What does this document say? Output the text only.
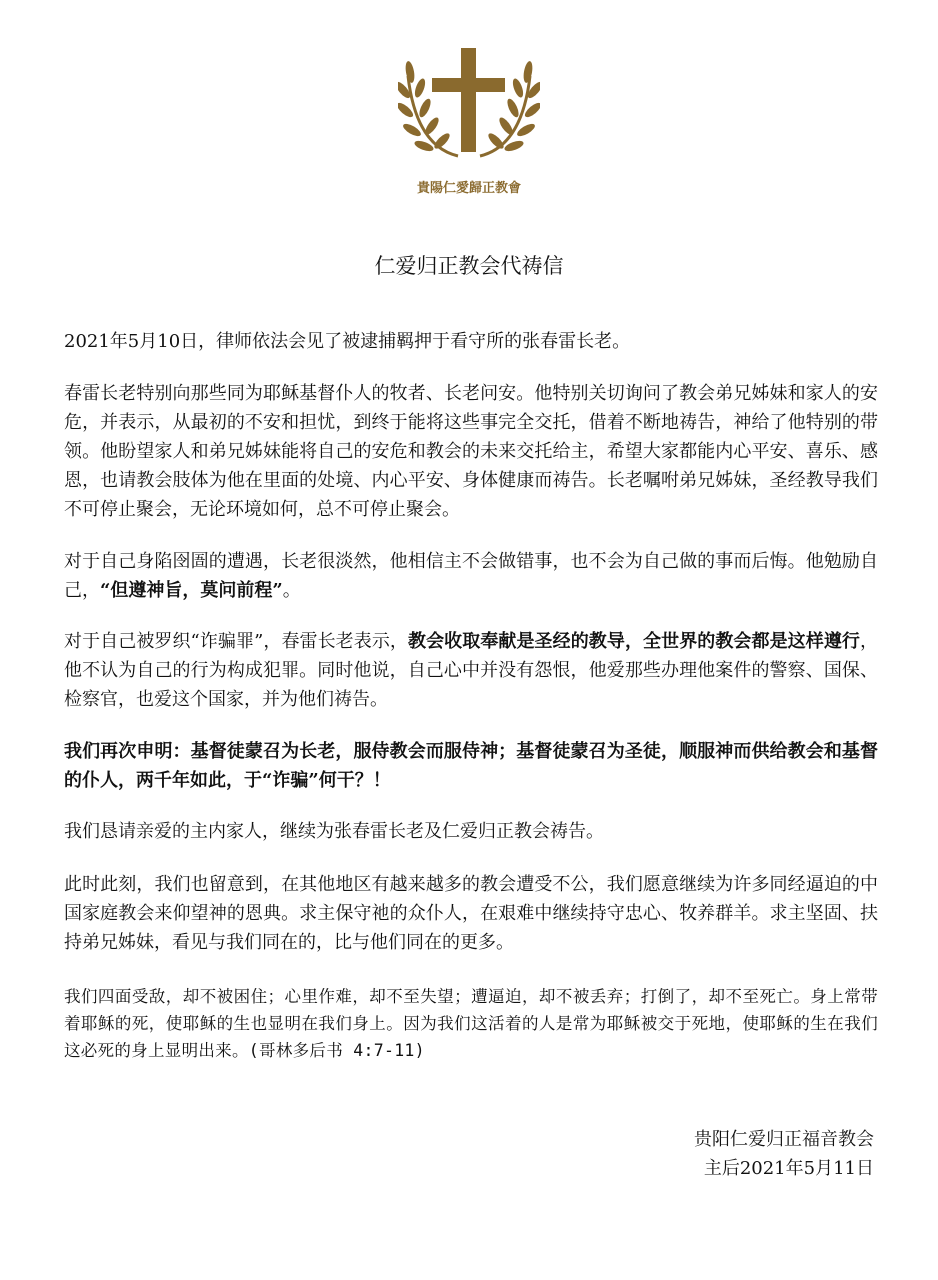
貴陽仁愛歸正教會
仁爱归正教会代祷信

2021年5月10日，律师依法会见了被逮捕羁押于看守所的张春雷长老。

春雷长老特别向那些同为耶稣基督仆人的牧者、长老问安。他特别关切询问了教会弟兄姊妹和家人的安危，并表示，从最初的不安和担忧，到终于能将这些事完全交托，借着不断地祷告，神给了他特别的带领。他盼望家人和弟兄姊妹能将自己的安危和教会的未来交托给主，希望大家都能内心平安、喜乐、感恩，也请教会肢体为他在里面的处境、内心平安、身体健康而祷告。长老嘱咐弟兄姊妹，圣经教导我们不可停止聚会，无论环境如何，总不可停止聚会。

对于自己身陷囹圄的遭遇，长老很淡然，他相信主不会做错事，也不会为自己做的事而后悔。他勉励自己，“但遵神旨，莫问前程”。

对于自己被罗织“诈骗罪”，春雷长老表示，教会收取奉献是圣经的教导，全世界的教会都是这样遵行，他不认为自己的行为构成犯罪。同时他说，自己心中并没有怨恨，他爱那些办理他案件的警察、国保、检察官，也爱这个国家，并为他们祷告。

我们再次申明：基督徒蒙召为长老，服侍教会而服侍神；基督徒蒙召为圣徒，顺服神而供给教会和基督的仆人，两千年如此，于“诈骗”何干？！

我们恳请亲爱的主内家人，继续为张春雷长老及仁爱归正教会祷告。

此时此刻，我们也留意到，在其他地区有越来越多的教会遭受不公，我们愿意继续为许多同经逼迫的中国家庭教会来仰望神的恩典。求主保守祂的众仆人，在艰难中继续持守忠心、牧养群羊。求主坚固、扶持弟兄姊妹，看见与我们同在的，比与他们同在的更多。

我们四面受敌，却不被困住；心里作难，却不至失望；遭逼迫，却不被丢弃；打倒了，却不至死亡。身上常带着耶稣的死，使耶稣的生也显明在我们身上。因为我们这活着的人是常为耶稣被交于死地，使耶稣的生在我们这必死的身上显明出来。(哥林多后书 4:7-11)

贵阳仁爱归正福音教会
主后2021年5月11日
